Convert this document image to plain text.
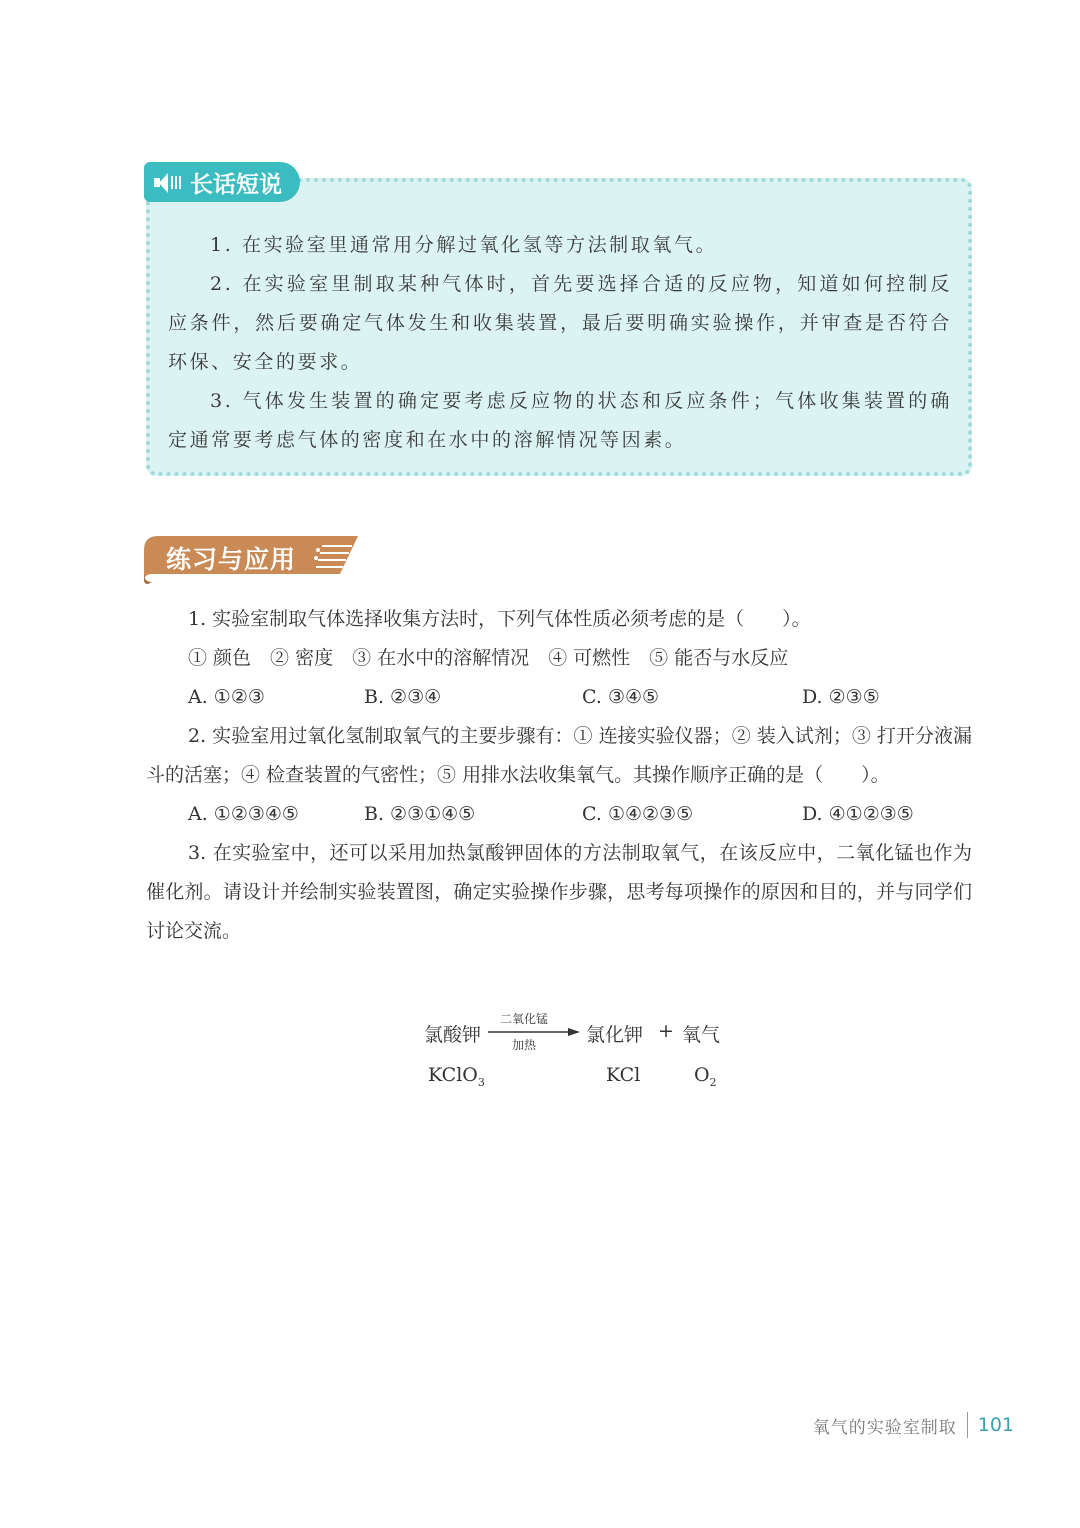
长话短说

1. 在实验室里通常用分解过氧化氢等方法制取氧气。

2. 在实验室里制取某种气体时，首先要选择合适的反应物，知道如何控制反应条件，然后要确定气体发生和收集装置，最后要明确实验操作，并审查是否符合环保、安全的要求。

3. 气体发生装置的确定要考虑反应物的状态和反应条件；气体收集装置的确定通常要考虑气体的密度和在水中的溶解情况等因素。

练习与应用

1. 实验室制取气体选择收集方法时，下列气体性质必须考虑的是（　　）。

① 颜色　② 密度　③ 在水中的溶解情况　④ 可燃性　⑤ 能否与水反应

A. ①②③	B. ②③④	C. ③④⑤	D. ②③⑤

2. 实验室用过氧化氢制取氧气的主要步骤有：① 连接实验仪器；② 装入试剂；③ 打开分液漏斗的活塞；④ 检查装置的气密性；⑤ 用排水法收集氧气。其操作顺序正确的是（　　）。

A. ①②③④⑤	B. ②③①④⑤	C. ①④②③⑤	D. ④①②③⑤

3. 在实验室中，还可以采用加热氯酸钾固体的方法制取氧气，在该反应中，二氧化锰也作为催化剂。请设计并绘制实验装置图，确定实验操作步骤，思考每项操作的原因和目的，并与同学们讨论交流。

氯酸钾
二氧化锰
加热	氯化钾 + 氧气
KClO$_3$	KCl	$O_2$
氧气的实验室制取 101
